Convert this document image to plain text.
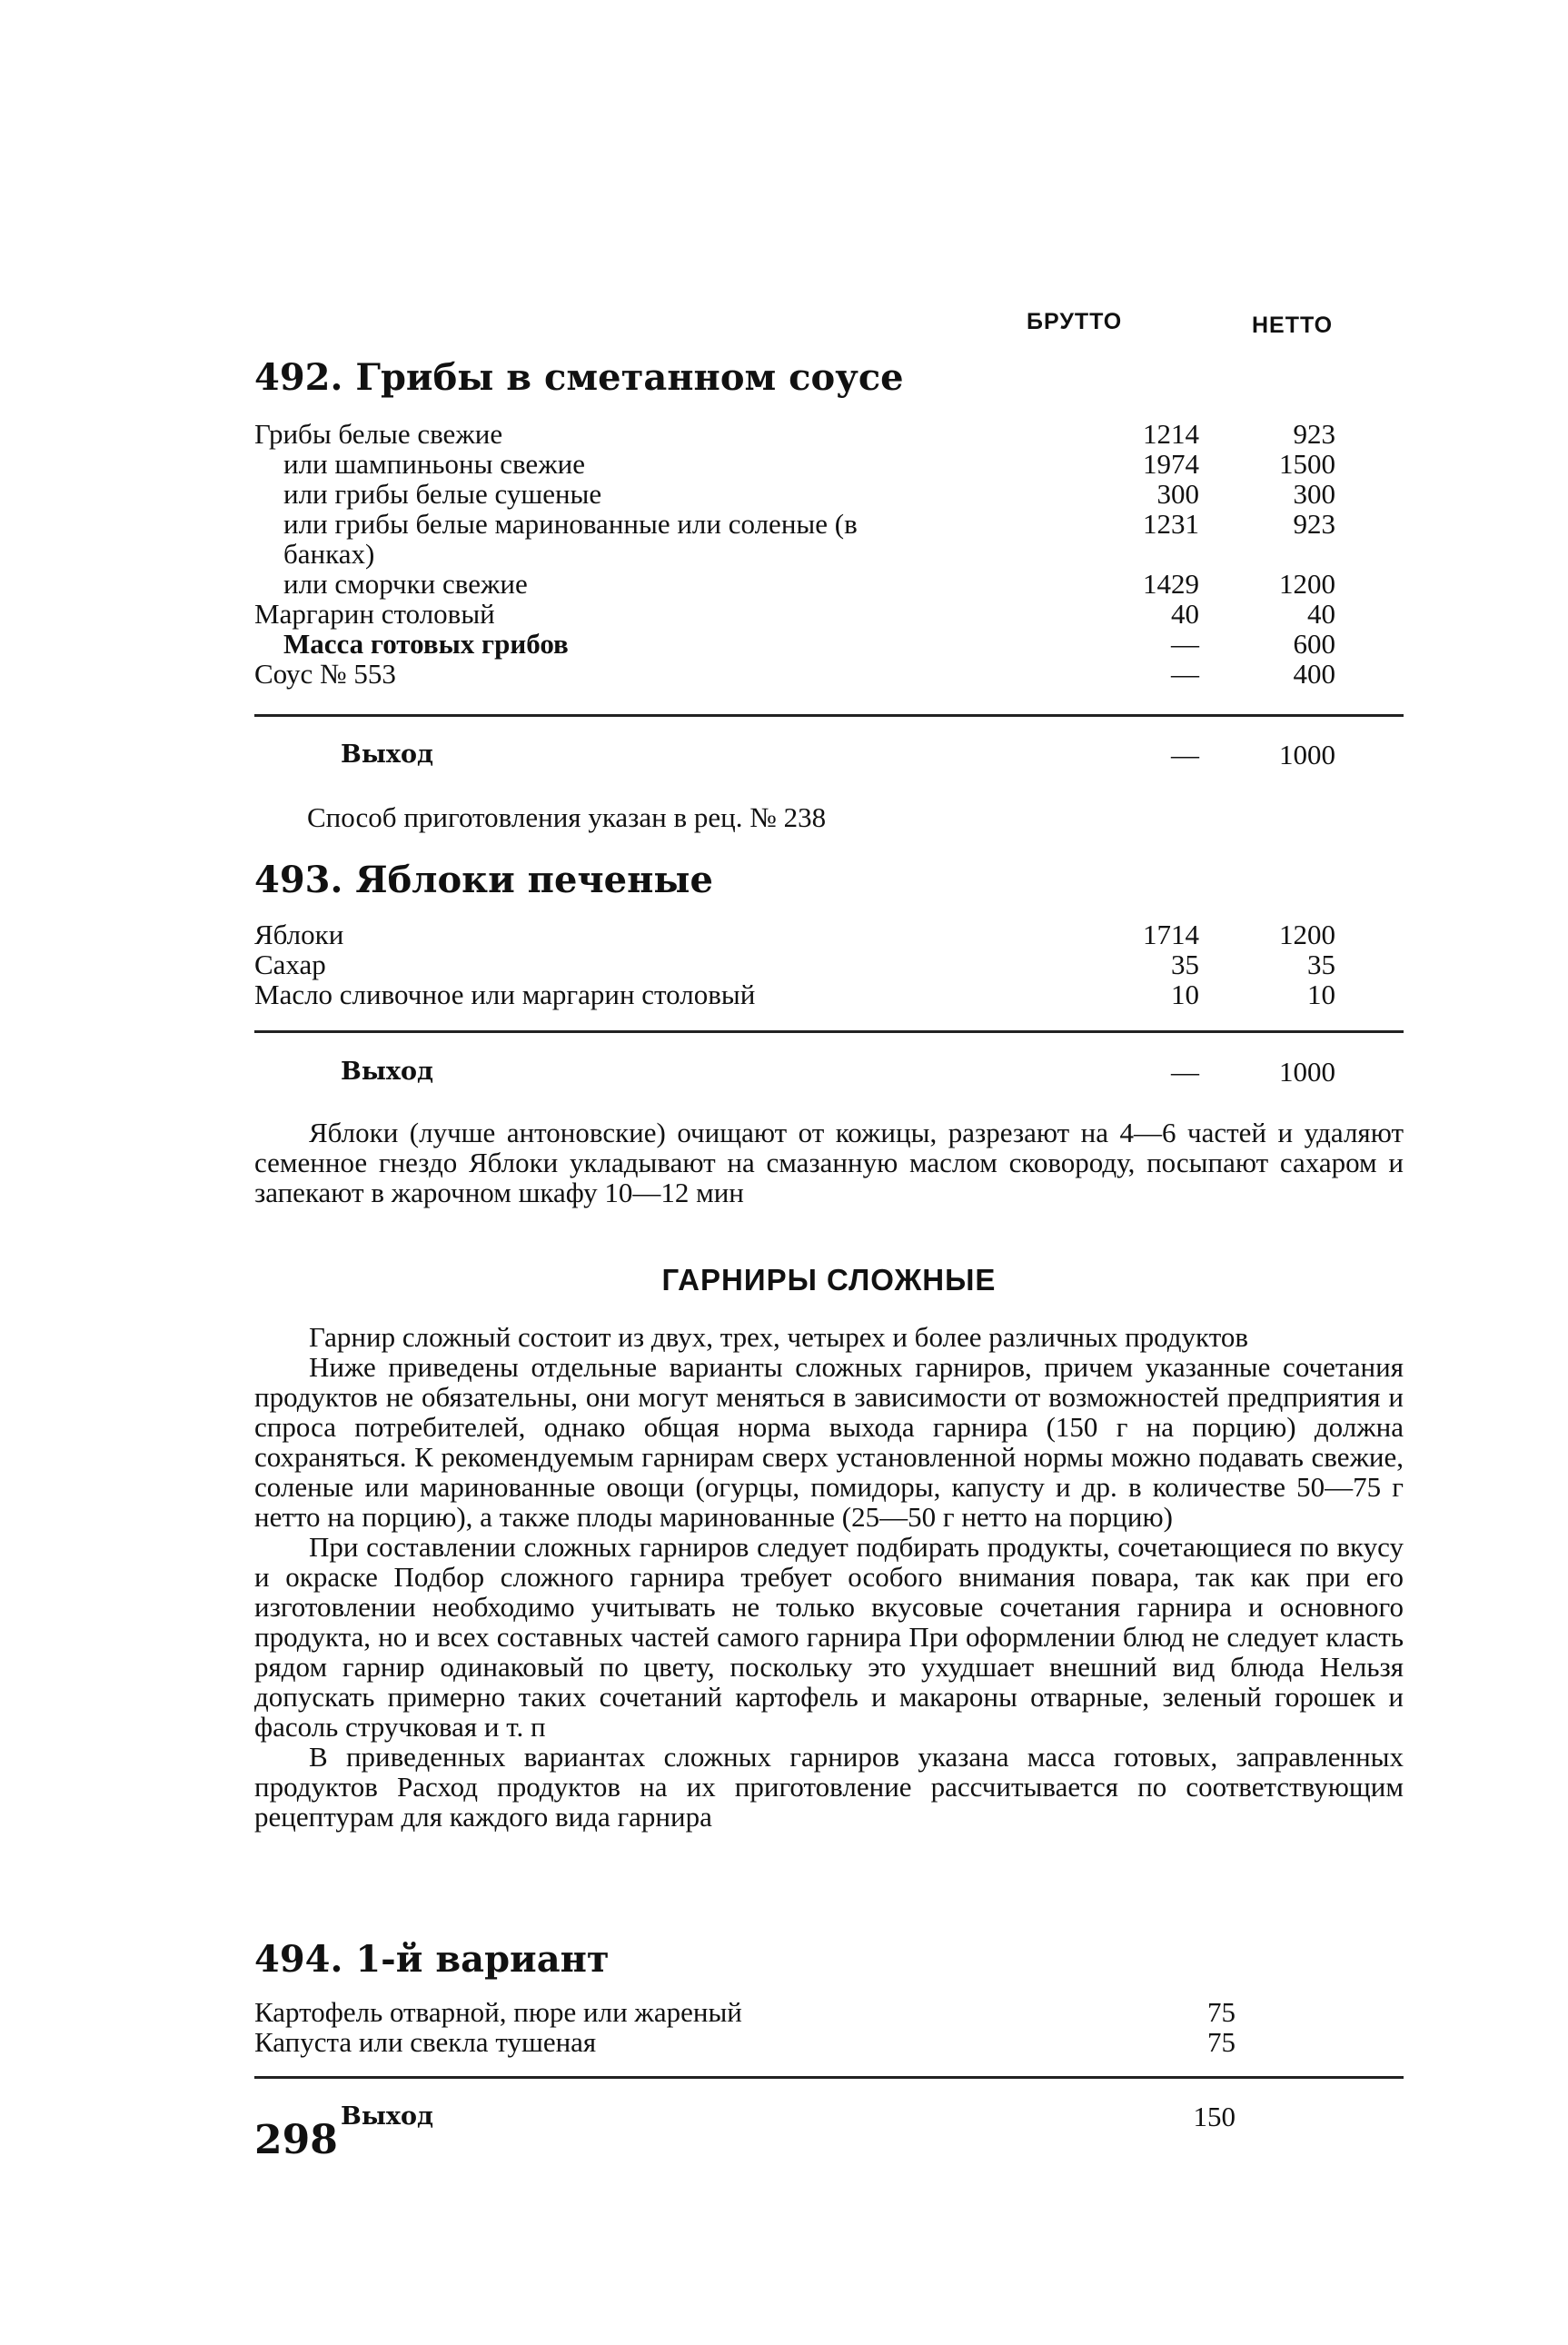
БРУТТО	НЕТТО
492. Грибы в сметанном соусе
Грибы белые свежие	1214	923
или шампиньоны свежие	1974	1500
или грибы белые сушеные	300	300
или грибы белые маринованные или соленые (в	1231	923
банках)
или сморчки свежие	1429	1200
Маргарин столовый	40	40
Масса готовых грибов	—	600
Соус № 553	—	400
Выход	—	1000
Способ приготовления указан в рец. № 238
493. Яблоки печеные
Яблоки	1714	1200
Сахар	35	35
Масло сливочное или маргарин столовый	10	10
Выход	—	1000

Яблоки (лучше антоновские) очищают от кожицы, разрезают на 4—6 частей и удаляют семенное гнездо Яблоки укладывают на смазанную маслом сковороду, посыпают сахаром и запекают в жарочном шкафу 10—12 мин

ГАРНИРЫ СЛОЖНЫЕ

Гарнир сложный состоит из двух, трех, четырех и более различных продуктов

Ниже приведены отдельные варианты сложных гарниров, причем указанные сочетания продуктов не обязательны, они могут меняться в зависимости от возможностей предприятия и спроса потребителей, однако общая норма выхода гарнира (150 г на порцию) должна сохраняться. К рекомендуемым гарнирам сверх установленной нормы можно подавать свежие, соленые или маринованные овощи (огурцы, помидоры, капусту и др. в количестве 50—75 г нетто на порцию), а также плоды маринованные (25—50 г нетто на порцию)

При составлении сложных гарниров следует подбирать продукты, сочетающиеся по вкусу и окраске Подбор сложного гарнира требует особого внимания повара, так как при его изготовлении необходимо учитывать не только вкусовые сочетания гарнира и основного продукта, но и всех составных частей самого гарнира При оформлении блюд не следует класть рядом гарнир одинаковый по цвету, поскольку это ухудшает внешний вид блюда Нельзя допускать примерно таких сочетаний картофель и макароны отварные, зеленый горошек и фасоль стручковая и т. п

В приведенных вариантах сложных гарниров указана масса готовых, заправленных продуктов Расход продуктов на их приготовление рассчитывается по соответствующим рецептурам для каждого вида гарнира

494. 1-й вариант
Картофель отварной, пюре или жареный	75
Капуста или свекла тушеная	75
Выход	150
298
